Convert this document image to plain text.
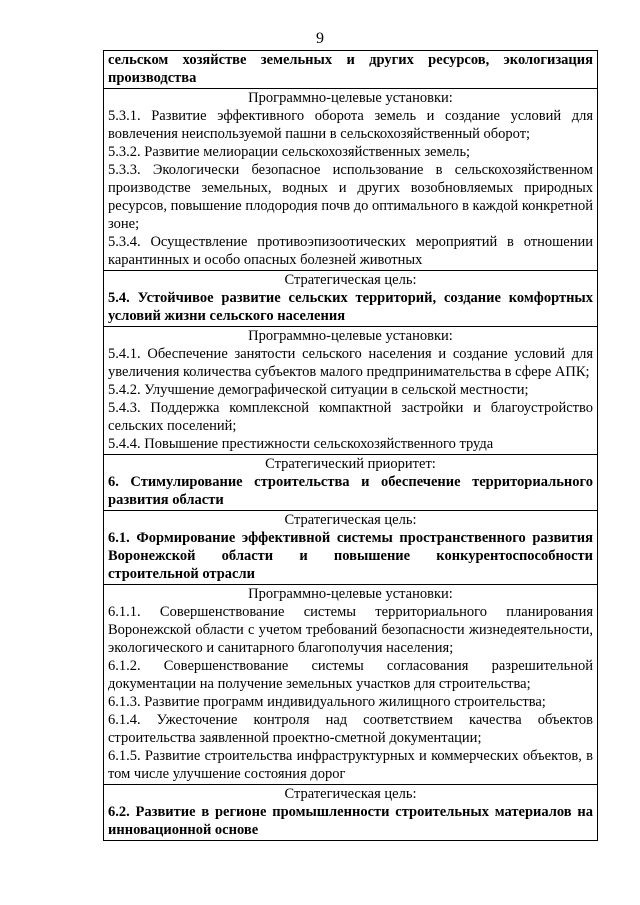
9

сельском хозяйстве земельных и других ресурсов, экологизация производства

Программно-целевые установки:

5.3.1. Развитие эффективного оборота земель и создание условий для вовлечения неиспользуемой пашни в сельскохозяйственный оборот;

5.3.2. Развитие мелиорации сельскохозяйственных земель;

5.3.3. Экологически безопасное использование в сельскохозяйственном производстве земельных, водных и других возобновляемых природных ресурсов, повышение плодородия почв до оптимального в каждой конкретной зоне;

5.3.4. Осуществление противоэпизоотических мероприятий в отношении карантинных и особо опасных болезней животных

Стратегическая цель:

5.4. Устойчивое развитие сельских территорий, создание комфортных условий жизни сельского населения

Программно-целевые установки:

5.4.1. Обеспечение занятости сельского населения и создание условий для увеличения количества субъектов малого предпринимательства в сфере АПК;

5.4.2. Улучшение демографической ситуации в сельской местности;

5.4.3. Поддержка комплексной компактной застройки и благоустройство сельских поселений;

5.4.4. Повышение престижности сельскохозяйственного труда

Стратегический приоритет:

6. Стимулирование строительства и обеспечение территориального развития области

Стратегическая цель:

6.1. Формирование эффективной системы пространственного развития Воронежской области и повышение конкурентоспособности строительной отрасли

Программно-целевые установки:

6.1.1. Совершенствование системы территориального планирования Воронежской области с учетом требований безопасности жизнедеятельности, экологического и санитарного благополучия населения;

6.1.2. Совершенствование системы согласования разрешительной документации на получение земельных участков для строительства;

6.1.3. Развитие программ индивидуального жилищного строительства;

6.1.4. Ужесточение контроля над соответствием качества объектов строительства заявленной проектно-сметной документации;

6.1.5. Развитие строительства инфраструктурных и коммерческих объектов, в том числе улучшение состояния дорог

Стратегическая цель:

6.2. Развитие в регионе промышленности строительных материалов на инновационной основе
